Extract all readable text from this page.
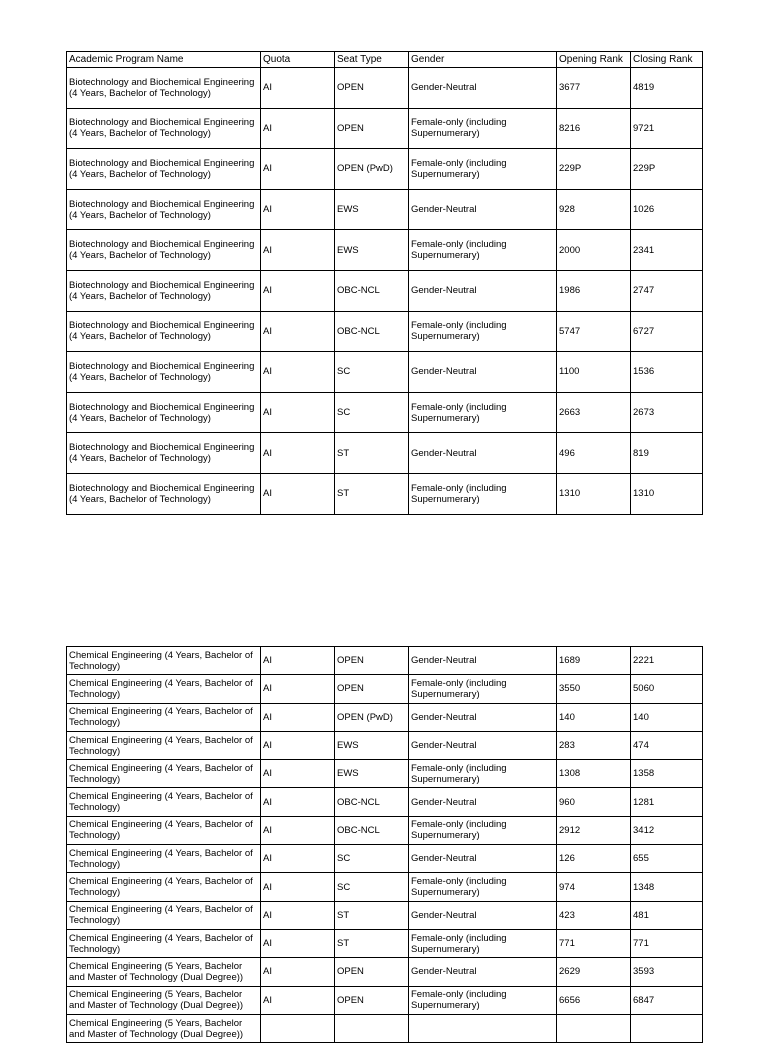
Academic Program Name	Quota	Seat Type	Gender	Opening Rank	Closing Rank
Biotechnology and Biochemical Engineering (4 Years, Bachelor of Technology)	AI	OPEN	Gender-Neutral	3677	4819
Biotechnology and Biochemical Engineering (4 Years, Bachelor of Technology)	AI	OPEN	Female-only (including Supernumerary)	8216	9721
Biotechnology and Biochemical Engineering (4 Years, Bachelor of Technology)	AI	OPEN (PwD)	Female-only (including Supernumerary)	229P	229P
Biotechnology and Biochemical Engineering (4 Years, Bachelor of Technology)	AI	EWS	Gender-Neutral	928	1026
Biotechnology and Biochemical Engineering (4 Years, Bachelor of Technology)	AI	EWS	Female-only (including Supernumerary)	2000	2341
Biotechnology and Biochemical Engineering (4 Years, Bachelor of Technology)	AI	OBC-NCL	Gender-Neutral	1986	2747
Biotechnology and Biochemical Engineering (4 Years, Bachelor of Technology)	AI	OBC-NCL	Female-only (including Supernumerary)	5747	6727
Biotechnology and Biochemical Engineering (4 Years, Bachelor of Technology)	AI	SC	Gender-Neutral	1100	1536
Biotechnology and Biochemical Engineering (4 Years, Bachelor of Technology)	AI	SC	Female-only (including Supernumerary)	2663	2673
Biotechnology and Biochemical Engineering (4 Years, Bachelor of Technology)	AI	ST	Gender-Neutral	496	819
Biotechnology and Biochemical Engineering (4 Years, Bachelor of Technology)	AI	ST	Female-only (including Supernumerary)	1310	1310
Chemical Engineering (4 Years, Bachelor of Technology)	AI	OPEN	Gender-Neutral	1689	2221
Chemical Engineering (4 Years, Bachelor of Technology)	AI	OPEN	Female-only (including Supernumerary)	3550	5060
Chemical Engineering (4 Years, Bachelor of Technology)	AI	OPEN (PwD)	Gender-Neutral	140	140
Chemical Engineering (4 Years, Bachelor of Technology)	AI	EWS	Gender-Neutral	283	474
Chemical Engineering (4 Years, Bachelor of Technology)	AI	EWS	Female-only (including Supernumerary)	1308	1358
Chemical Engineering (4 Years, Bachelor of Technology)	AI	OBC-NCL	Gender-Neutral	960	1281
Chemical Engineering (4 Years, Bachelor of Technology)	AI	OBC-NCL	Female-only (including Supernumerary)	2912	3412
Chemical Engineering (4 Years, Bachelor of Technology)	AI	SC	Gender-Neutral	126	655
Chemical Engineering (4 Years, Bachelor of Technology)	AI	SC	Female-only (including Supernumerary)	974	1348
Chemical Engineering (4 Years, Bachelor of Technology)	AI	ST	Gender-Neutral	423	481
Chemical Engineering (4 Years, Bachelor of Technology)	AI	ST	Female-only (including Supernumerary)	771	771
Chemical Engineering (5 Years, Bachelor and Master of Technology (Dual Degree))	AI	OPEN	Gender-Neutral	2629	3593
Chemical Engineering (5 Years, Bachelor and Master of Technology (Dual Degree))	AI	OPEN	Female-only (including Supernumerary)	6656	6847
Chemical Engineering (5 Years, Bachelor and Master of Technology (Dual Degree))					
